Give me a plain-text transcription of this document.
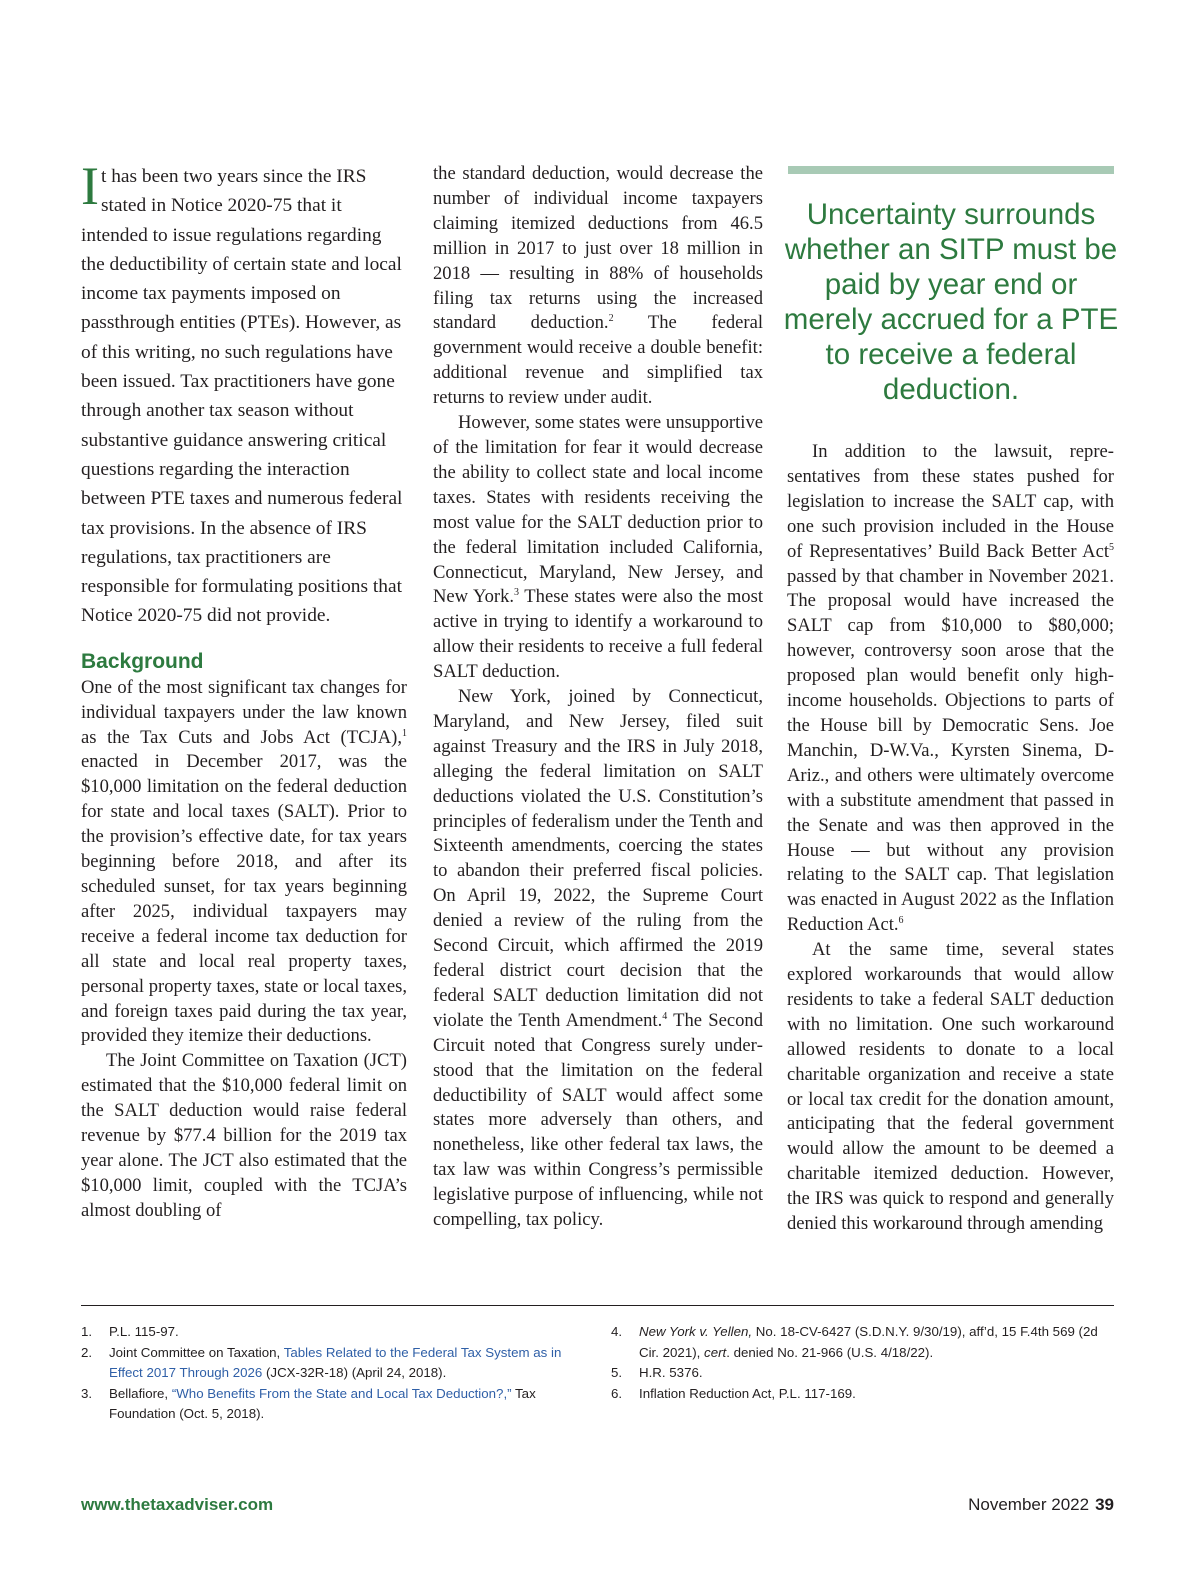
It has been two years since the IRS stated in Notice 2020-75 that it intended to issue regulations regarding the deductibility of certain state and local income tax payments imposed on passthrough entities (PTEs). However, as of this writing, no such regulations have been issued. Tax practitioners have gone through another tax season without substantive guidance answering critical questions regarding the interaction between PTE taxes and numerous federal tax provisions. In the absence of IRS regulations, tax practitioners are responsible for formulating positions that Notice 2020-75 did not provide.

Background

One of the most significant tax changes for individual taxpayers under the law known as the Tax Cuts and Jobs Act (TCJA),$^1$ enacted in December 2017, was the $10,000 limitation on the federal deduction for state and local taxes (SALT). Prior to the provision’s effective date, for tax years beginning before 2018, and after its scheduled sunset, for tax years beginning after 2025, individual taxpayers may receive a federal income tax deduction for all state and local real property taxes, personal property taxes, state or local taxes, and foreign taxes paid during the tax year, provided they itemize their deductions.

The Joint Committee on Taxation (JCT) estimated that the $10,000 federal limit on the SALT deduction would raise federal revenue by $77.4 billion for the 2019 tax year alone. The JCT also estimated that the $10,000 limit, coupled with the TCJA’s almost doubling of

the standard deduction, would decrease the number of individual income taxpayers claiming itemized deductions from 46.5 million in 2017 to just over 18 million in 2018 — resulting in 88% of households filing tax returns using the increased standard deduction.$^2$ The federal government would receive a double benefit: additional revenue and simplified tax returns to review under audit.

However, some states were unsupportive of the limitation for fear it would decrease the ability to collect state and local income taxes. States with residents receiving the most value for the SALT deduction prior to the federal limitation included California, Connecticut, Maryland, New Jersey, and New York.$^3$ These states were also the most active in trying to identify a workaround to allow their residents to receive a full federal SALT deduction.

New York, joined by Connecticut, Maryland, and New Jersey, filed suit against Treasury and the IRS in July 2018, alleging the federal limitation on SALT deductions violated the U.S. Constitution’s principles of federalism under the Tenth and Sixteenth amendments, coercing the states to abandon their preferred fiscal policies. On April 19, 2022, the Supreme Court denied a review of the ruling from the Second Circuit, which affirmed the 2019 federal district court decision that the federal SALT deduction limitation did not violate the Tenth Amendment.$^4$ The Second Circuit noted that Congress surely understood that the limitation on the federal deductibility of SALT would affect some states more adversely than others, and nonetheless, like other federal tax laws, the tax law was within Congress’s permissible legislative purpose of influencing, while not compelling, tax policy.

Uncertainty surrounds whether an SITP must be paid by year end or merely accrued for a PTE to receive a federal deduction.

In addition to the lawsuit, representatives from these states pushed for legislation to increase the SALT cap, with one such provision included in the House of Representatives’ Build Back Better Act$^5$ passed by that chamber in November 2021. The proposal would have increased the SALT cap from $10,000 to $80,000; however, controversy soon arose that the proposed plan would benefit only high-income households. Objections to parts of the House bill by Democratic Sens. Joe Manchin, D-W.Va., Kyrsten Sinema, D-Ariz., and others were ultimately overcome with a substitute amendment that passed in the Senate and was then approved in the House — but without any provision relating to the SALT cap. That legislation was enacted in August 2022 as the Inflation Reduction Act.$^6$

At the same time, several states explored workarounds that would allow residents to take a federal SALT deduction with no limitation. One such workaround allowed residents to donate to a local charitable organization and receive a state or local tax credit for the donation amount, anticipating that the federal government would allow the amount to be deemed a charitable itemized deduction. However, the IRS was quick to respond and generally denied this workaround through amending

1. P.L. 115-97.
2. Joint Committee on Taxation, Tables Related to the Federal Tax System as in Effect 2017 Through 2026 (JCX-32R-18) (April 24, 2018).
3. Bellafiore, “Who Benefits From the State and Local Tax Deduction?,” Tax Foundation (Oct. 5, 2018).
4. New York v. Yellen, No. 18-CV-6427 (S.D.N.Y. 9/30/19), aff’d, 15 F.4th 569 (2d Cir. 2021), cert. denied No. 21-966 (U.S. 4/18/22).
5. H.R. 5376.
6. Inflation Reduction Act, P.L. 117-169.
www.thetaxadviser.com	November 2022 39
